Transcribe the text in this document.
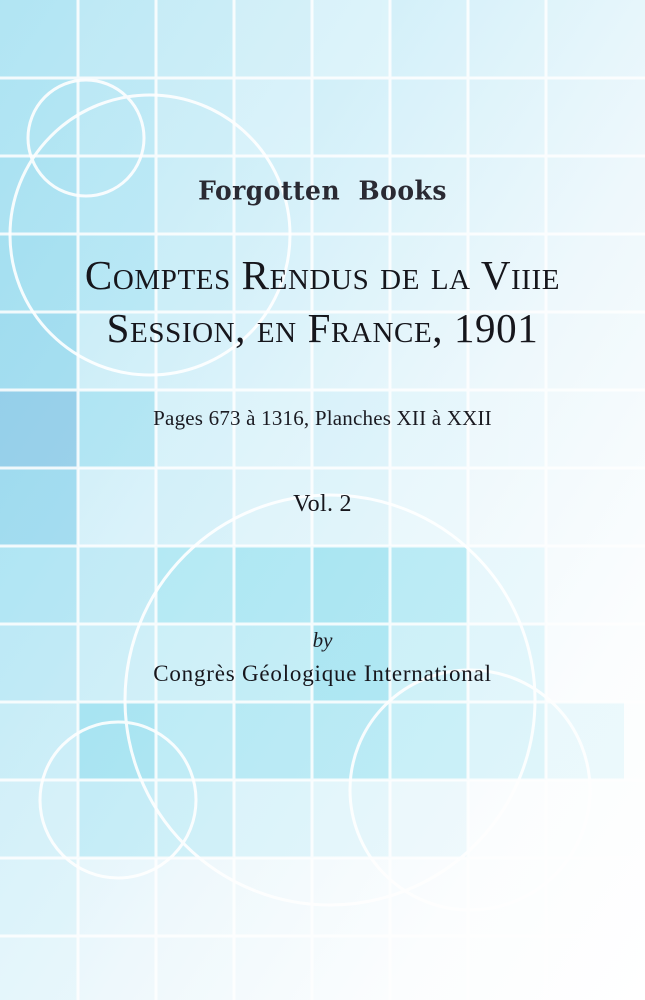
Forgotten  Books
Comptes Rendus de la Viiie Session, en France, 1901
Pages 673 à 1316, Planches XII à XXII
Vol. 2
by
Congrès Géologique International
